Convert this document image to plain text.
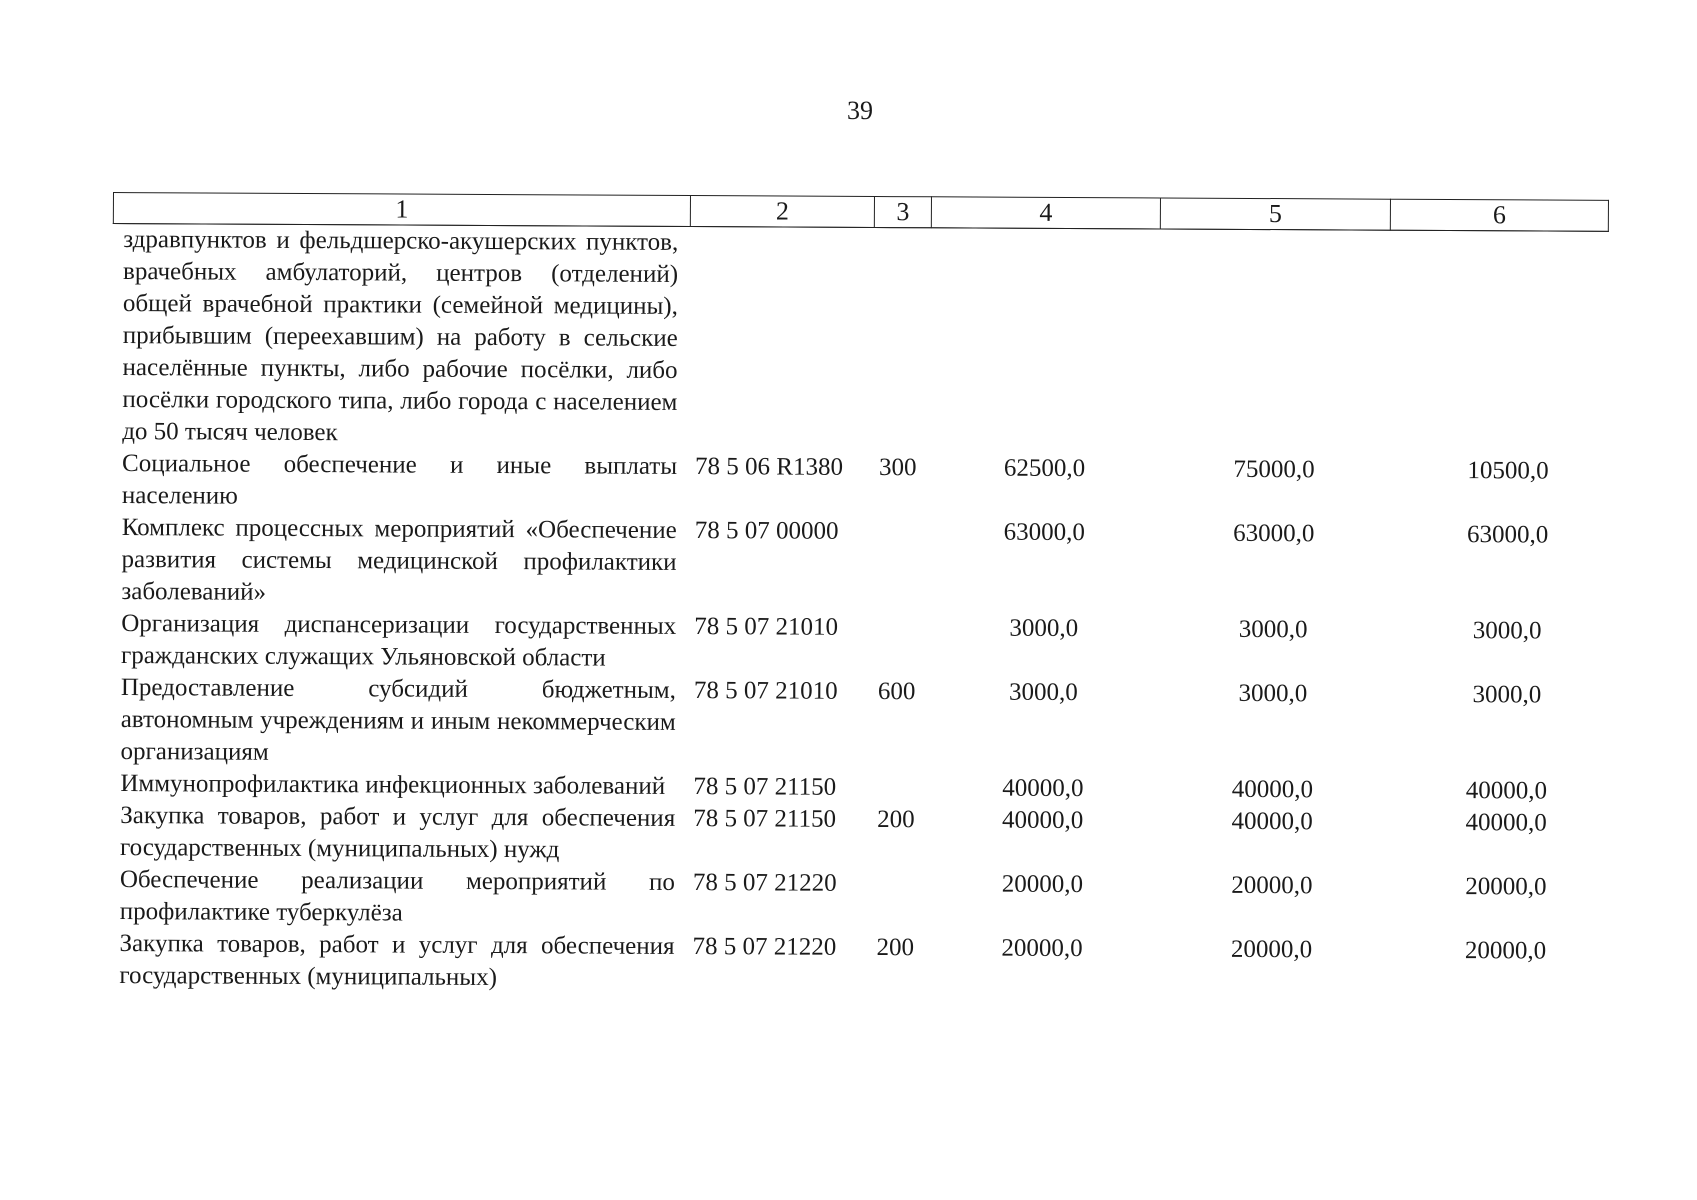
39
1	2	3	4	5	6
здравпунктов и фельдшерско-акушерских пунктов, врачебных амбулаторий, центров (отделений) общей врачебной практики (семейной медицины), прибывшим (переехавшим) на работу в сельские населённые пункты, либо рабочие посёлки, либо посёлки городского типа, либо города с населением до 50 тысяч человек					
Социальное обеспечение и иные выплаты населению	78 5 06 R1380	300	62500,0	75000,0	10500,0
Комплекс процессных мероприятий «Обеспечение развития системы медицинской профилактики заболеваний»	78 5 07 00000		63000,0	63000,0	63000,0
Организация диспансеризации государственных гражданских служащих Ульяновской области	78 5 07 21010		3000,0	3000,0	3000,0
Предоставление субсидий бюджетным, автономным учреждениям и иным некоммерческим организациям	78 5 07 21010	600	3000,0	3000,0	3000,0
Иммунопрофилактика инфекционных заболеваний	78 5 07 21150		40000,0	40000,0	40000,0
Закупка товаров, работ и услуг для обеспечения государственных (муниципальных) нужд	78 5 07 21150	200	40000,0	40000,0	40000,0
Обеспечение реализации мероприятий по профилактике туберкулёза	78 5 07 21220		20000,0	20000,0	20000,0
Закупка товаров, работ и услуг для обеспечения государственных (муниципальных)	78 5 07 21220	200	20000,0	20000,0	20000,0
